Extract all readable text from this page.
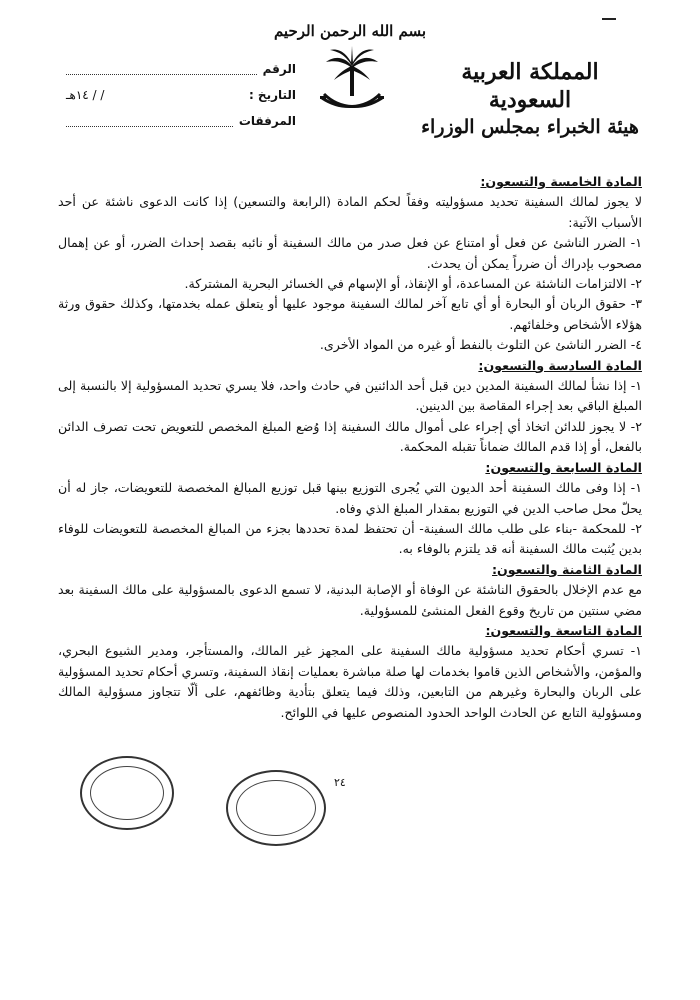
بسم الله الرحمن الرحيم
المملكة العربية السعودية
هيئة الخبراء بمجلس الوزراء
الرقم
التاريخ :
/ / ١٤هـ
المرفقات

المادة الخامسة والتسعون:

لا يجوز لمالك السفينة تحديد مسؤوليته وفقاً لحكم المادة (الرابعة والتسعين) إذا كانت الدعوى ناشئة عن أحد الأسباب الآتية:

١- الضرر الناشئ عن فعل أو امتناع عن فعل صدر من مالك السفينة أو نائبه بقصد إحداث الضرر، أو عن إهمال مصحوب بإدراك أن ضرراً يمكن أن يحدث.

٢- الالتزامات الناشئة عن المساعدة، أو الإنقاذ، أو الإسهام في الخسائر البحرية المشتركة.

٣- حقوق الربان أو البحارة أو أي تابع آخر لمالك السفينة موجود عليها أو يتعلق عمله بخدمتها، وكذلك حقوق ورثة هؤلاء الأشخاص وخلفائهم.

٤- الضرر الناشئ عن التلوث بالنفط أو غيره من المواد الأخرى.

المادة السادسة والتسعون:

١- إذا نشأ لمالك السفينة المدين دين قبل أحد الدائنين في حادث واحد، فلا يسري تحديد المسؤولية إلا بالنسبة إلى المبلغ الباقي بعد إجراء المقاصة بين الدينين.

٢- لا يجوز للدائن اتخاذ أي إجراء على أموال مالك السفينة إذا وُضع المبلغ المخصص للتعويض تحت تصرف الدائن بالفعل، أو إذا قدم المالك ضماناً تقبله المحكمة.

المادة السابعة والتسعون:

١- إذا وفى مالك السفينة أحد الديون التي يُجرى التوزيع بينها قبل توزيع المبالغ المخصصة للتعويضات، جاز له أن يحلّ محل صاحب الدين في التوزيع بمقدار المبلغ الذي وفاه.

٢- للمحكمة -بناء على طلب مالك السفينة- أن تحتفظ لمدة تحددها بجزء من المبالغ المخصصة للتعويضات للوفاء بدين يُثبت مالك السفينة أنه قد يلتزم بالوفاء به.

المادة الثامنة والتسعون:

مع عدم الإخلال بالحقوق الناشئة عن الوفاة أو الإصابة البدنية، لا تسمع الدعوى بالمسؤولية على مالك السفينة بعد مضي سنتين من تاريخ وقوع الفعل المنشئ للمسؤولية.

المادة التاسعة والتسعون:

١- تسري أحكام تحديد مسؤولية مالك السفينة على المجهز غير المالك، والمستأجر، ومدير الشيوع البحري، والمؤمن، والأشخاص الذين قاموا بخدمات لها صلة مباشرة بعمليات إنقاذ السفينة، وتسري أحكام تحديد المسؤولية على الربان والبحارة وغيرهم من التابعين، وذلك فيما يتعلق بتأدية وظائفهم، على ألّا تتجاوز مسؤولية المالك ومسؤولية التابع عن الحادث الواحد الحدود المنصوص عليها في اللوائح.

٢٤
